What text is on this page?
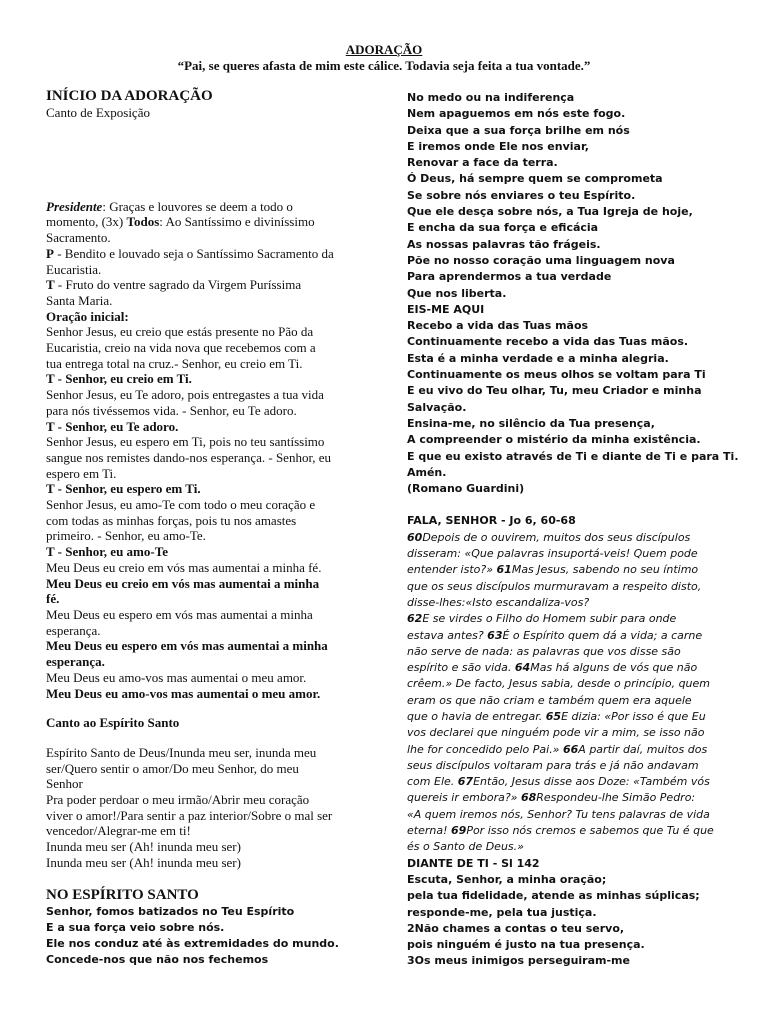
ADORAÇÃO
“Pai, se queres afasta de mim este cálice. Todavia seja feita a tua vontade.”
INÍCIO DA ADORAÇÃO
Canto de Exposição
Presidente: Graças e louvores se deem a todo o
momento, (3x) Todos: Ao Santíssimo e diviníssimo
Sacramento.
P - Bendito e louvado seja o Santíssimo Sacramento da
Eucaristia.
T - Fruto do ventre sagrado da Virgem Puríssima
Santa Maria.
Oração inicial:
Senhor Jesus, eu creio que estás presente no Pão da
Eucaristia, creio na vida nova que recebemos com a
tua entrega total na cruz.- Senhor, eu creio em Ti.
T - Senhor, eu creio em Ti.
Senhor Jesus, eu Te adoro, pois entregastes a tua vida
para nós tivéssemos vida. - Senhor, eu Te adoro.
T - Senhor, eu Te adoro.
Senhor Jesus, eu espero em Ti, pois no teu santíssimo
sangue nos remistes dando-nos esperança. - Senhor, eu
espero em Ti.
T - Senhor, eu espero em Ti.
Senhor Jesus, eu amo-Te com todo o meu coração e
com todas as minhas forças, pois tu nos amastes
primeiro. - Senhor, eu amo-Te.
T - Senhor, eu amo-Te
Meu Deus eu creio em vós mas aumentai a minha fé.
Meu Deus eu creio em vós mas aumentai a minha
fé.
Meu Deus eu espero em vós mas aumentai a minha
esperança.
Meu Deus eu espero em vós mas aumentai a minha
esperança.
Meu Deus eu amo-vos mas aumentai o meu amor.
Meu Deus eu amo-vos mas aumentai o meu amor.
Canto ao Espírito Santo
Espírito Santo de Deus/Inunda meu ser, inunda meu
ser/Quero sentir o amor/Do meu Senhor, do meu
Senhor
Pra poder perdoar o meu irmão/Abrir meu coração
viver o amor!/Para sentir a paz interior/Sobre o mal ser
vencedor/Alegrar-me em ti!
Inunda meu ser (Ah! inunda meu ser)
Inunda meu ser (Ah! inunda meu ser)
NO ESPÍRITO SANTO
Senhor, fomos batizados no Teu Espírito
E a sua força veio sobre nós.
Ele nos conduz até às extremidades do mundo.
Concede-nos que não nos fechemos
No medo ou na indiferença
Nem apaguemos em nós este fogo.
Deixa que a sua força brilhe em nós
E iremos onde Ele nos enviar,
Renovar a face da terra.
Ó Deus, há sempre quem se comprometa
Se sobre nós enviares o teu Espírito.
Que ele desça sobre nós, a Tua Igreja de hoje,
E encha da sua força e eficácia
As nossas palavras tão frágeis.
Põe no nosso coração uma linguagem nova
Para aprendermos a tua verdade
Que nos liberta.
EIS-ME AQUI
Recebo a vida das Tuas mãos
Continuamente recebo a vida das Tuas mãos.
Esta é a minha verdade e a minha alegria.
Continuamente os meus olhos se voltam para Ti
E eu vivo do Teu olhar, Tu, meu Criador e minha
Salvação.
Ensina-me, no silêncio da Tua presença,
A compreender o mistério da minha existência.
E que eu existo através de Ti e diante de Ti e para Ti.
Amén.
(Romano Guardini)
FALA, SENHOR - Jo 6, 60-68
60Depois de o ouvirem, muitos dos seus discípulos
disseram: «Que palavras insuportá-veis! Quem pode
entender isto?» 61Mas Jesus, sabendo no seu íntimo
que os seus discípulos murmuravam a respeito disto,
disse-lhes:«Isto escandaliza-vos?
62E se virdes o Filho do Homem subir para onde
estava antes? 63É o Espírito quem dá a vida; a carne
não serve de nada: as palavras que vos disse são
espírito e são vida. 64Mas há alguns de vós que não
crêem.» De facto, Jesus sabia, desde o princípio, quem
eram os que não criam e também quem era aquele
que o havia de entregar. 65E dizia: «Por isso é que Eu
vos declarei que ninguém pode vir a mim, se isso não
lhe for concedido pelo Pai.» 66A partir daí, muitos dos
seus discípulos voltaram para trás e já não andavam
com Ele. 67Então, Jesus disse aos Doze: «Também vós
quereis ir embora?» 68Respondeu-lhe Simão Pedro:
«A quem iremos nós, Senhor? Tu tens palavras de vida
eterna! 69Por isso nós cremos e sabemos que Tu é que
és o Santo de Deus.»
DIANTE DE TI - Sl 142
Escuta, Senhor, a minha oração;
pela tua fidelidade, atende as minhas súplicas;
responde-me, pela tua justiça.
2Não chames a contas o teu servo,
pois ninguém é justo na tua presença.
3Os meus inimigos perseguiram-me
